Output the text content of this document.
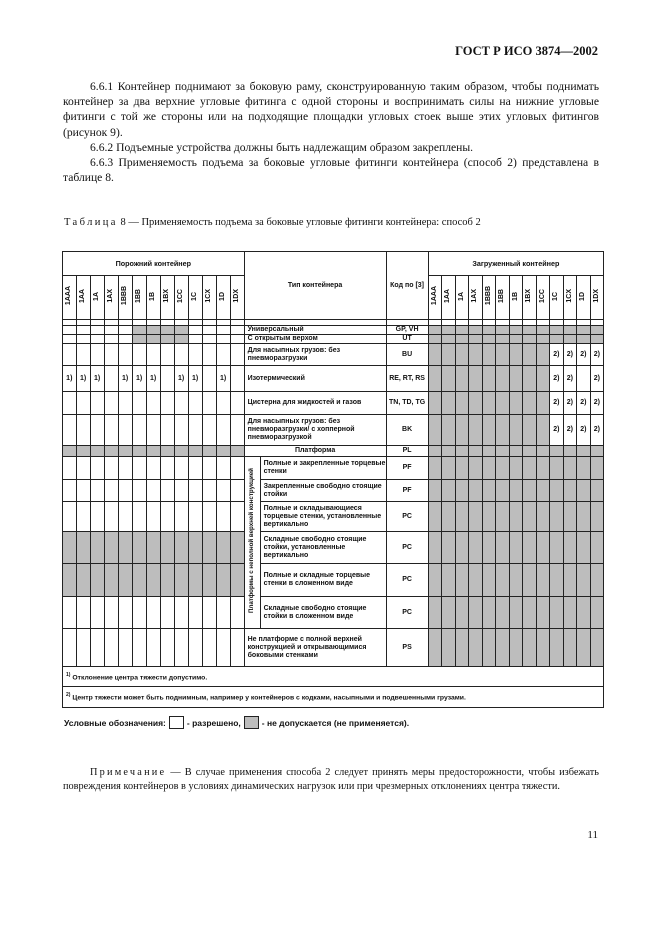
ГОСТ Р ИСО 3874—2002

6.6.1 Контейнер поднимают за боковую раму, сконструированную таким образом, чтобы поднимать контейнер за два верхние угловые фитинга с одной стороны и воспринимать силы на нижние угловые фитинги с той же стороны или на подходящие площадки угловых стоек выше этих угловых фитингов (рисунок 9).

6.6.2 Подъемные устройства должны быть надлежащим образом закреплены.

6.6.3 Применяемость подъема за боковые угловые фитинги контейнера (способ 2) представлена в таблице 8.

Таблица 8 — Применяемость подъема за боковые угловые фитинги контейнера: способ 2
Порожний контейнер													Тип контейнера		Код по [3]	Загруженный контейнер												
1AAA	1AA	1A	1AX	1BBB	1BB	1B	1BX	1CC	1C	1CX	1D	1DX				1AAA	1AA	1A	1AX	1BBB	1BB	1B	1BX	1CC	1C	1CX	1D	1DX

													Универсальный		GP, VH													
													С открытым верхом		UT													
													Для насыпных грузов: без пневморазгрузки		BU										2)	2)	2)	2)
1)	1)	1)		1)	1)	1)		1)	1)		1)		Изотермический		RE, RT, RS										2)	2)		2)
													Цистерна для жидкостей и газов		TN, TD, TG										2)	2)	2)	2)
													Для насыпных грузов: без пневморазгрузки/ с хопперной пневморазгрузкой		BK										2)	2)	2)	2)
													Платформа		PL													
													Платформы с неполной верхней конструкцией	Полные и закрепленные торцевые стенки	PF													
														Закрепленные свободно стоящие стойки	PF													
														Полные и складывающиеся торцевые стенки, установленные вертикально	PC													
														Складные свободно стоящие стойки, установленные вертикально	PC													
														Полные и складные торцевые стенки в сложенном виде	PC													
														Складные свободно стоящие стойки в сложенном виде	PC													
													Не платформе с полной верхней конструкцией и открывающимися боковыми стенками		PS													
$^{1)}$ Отклонение центра тяжести допустимо.																												
$^{2)}$ Центр тяжести может быть поднимным, например у контейнеров с кодками, насыпными и подвешенными грузами.																												
Условные обозначения: - разрешено, - не допускается (не применяется).
Примечание — В случае применения способа 2 следует принять меры предосторожности, чтобы избежать повреждения контейнеров в условиях динамических нагрузок или при чрезмерных отклонениях центра тяжести.
11
